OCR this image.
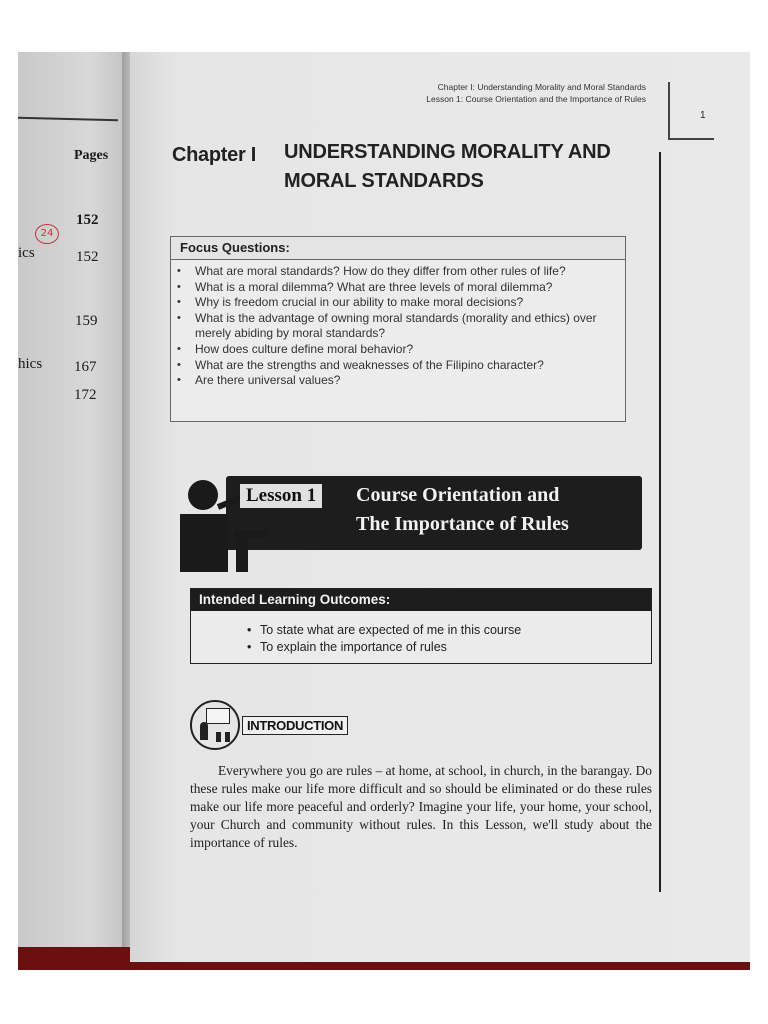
Pages
24
ics
hics
152
152
159
167
172
Chapter I: Understanding Morality and Moral Standards
Lesson 1: Course Orientation and the Importance of Rules
1
Chapter I UNDERSTANDING MORALITY AND
MORAL STANDARDS
Focus Questions:
• What are moral standards? How do they differ from other rules of life?
• What is a moral dilemma? What are three levels of moral dilemma?
• Why is freedom crucial in our ability to make moral decisions?
• What is the advantage of owning moral standards (morality and ethics) over merely abiding by moral standards?
• How does culture define moral behavior?
• What are the strengths and weaknesses of the Filipino character?
• Are there universal values?
Lesson 1	Course Orientation and
The Importance of Rules
Intended Learning Outcomes:
• To state what are expected of me in this course
• To explain the importance of rules
INTRODUCTION

Everywhere you go are rules – at home, at school, in church, in the barangay. Do these rules make our life more difficult and so should be eliminated or do these rules make our life more peaceful and orderly? Imagine your life, your home, your school, your Church and community without rules. In this Lesson, we'll study about the importance of rules.
